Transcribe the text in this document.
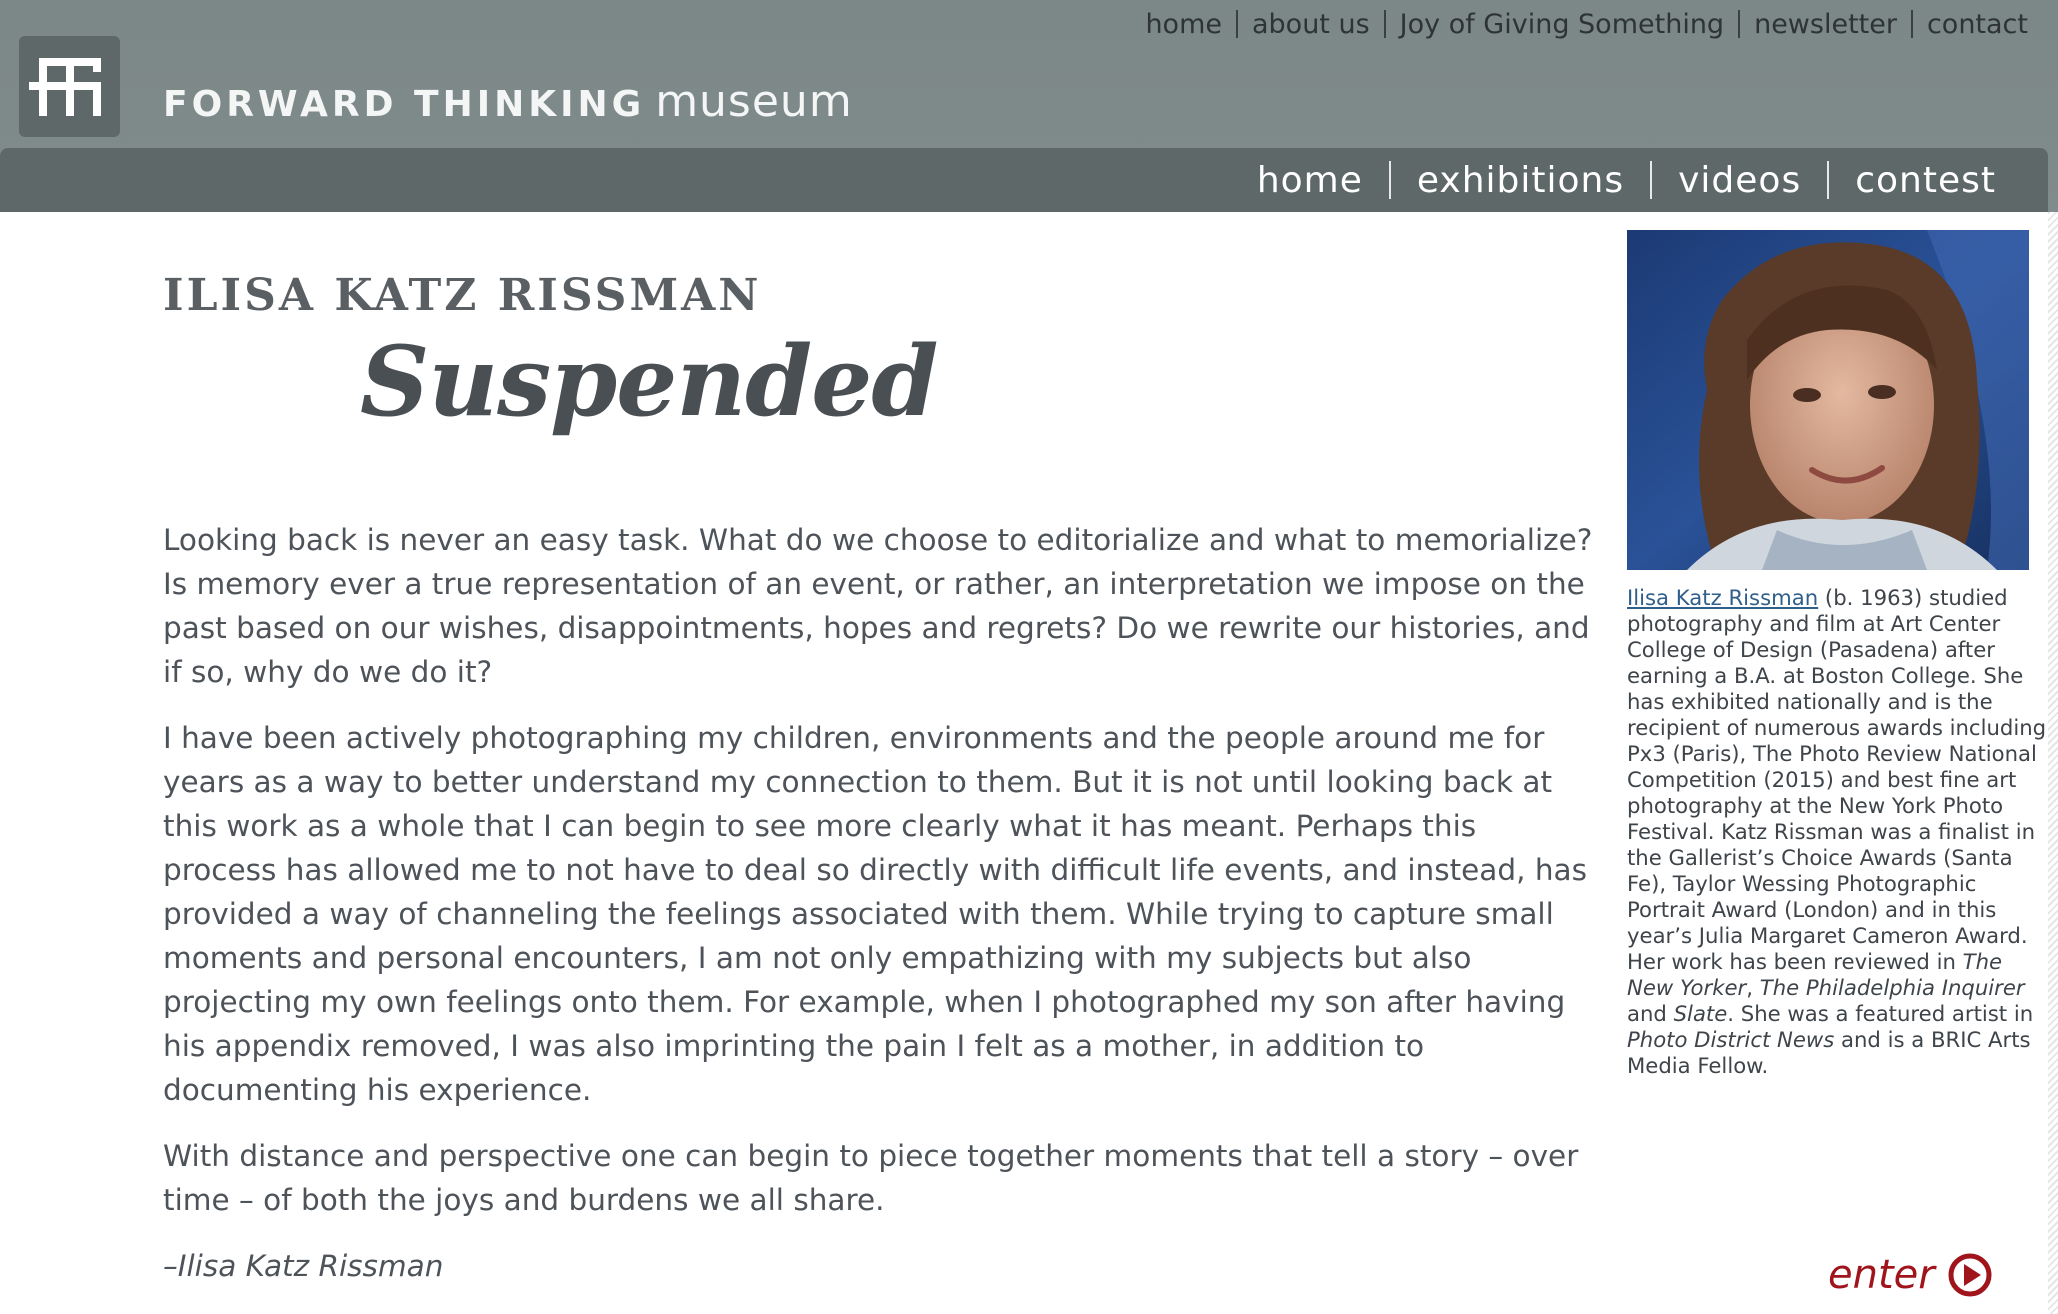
FORWARD THINKING museum
home about us Joy of Giving Something newsletter contact
home exhibitions videos contest
ILISA KATZ RISSMAN
Suspended

Looking back is never an easy task. What do we choose to editorialize and what to memorialize? Is memory ever a true representation of an event, or rather, an interpretation we impose on the past based on our wishes, disappointments, hopes and regrets? Do we rewrite our histories, and if so, why do we do it?

I have been actively photographing my children, environments and the people around me for years as a way to better understand my connection to them. But it is not until looking back at this work as a whole that I can begin to see more clearly what it has meant. Perhaps this process has allowed me to not have to deal so directly with difficult life events, and instead, has provided a way of channeling the feelings associated with them. While trying to capture small moments and personal encounters, I am not only empathizing with my subjects but also projecting my own feelings onto them. For example, when I photographed my son after having his appendix removed, I was also imprinting the pain I felt as a mother, in addition to documenting his experience.

With distance and perspective one can begin to piece together moments that tell a story – over time – of both the joys and burdens we all share.

–Ilisa Katz Rissman

Ilisa Katz Rissman (b. 1963) studied photography and film at Art Center College of Design (Pasadena) after earning a B.A. at Boston College. She has exhibited nationally and is the recipient of numerous awards including Px3 (Paris), The Photo Review National Competition (2015) and best fine art photography at the New York Photo Festival. Katz Rissman was a finalist in the Gallerist’s Choice Awards (Santa Fe), Taylor Wessing Photographic Portrait Award (London) and in this year’s Julia Margaret Cameron Award. Her work has been reviewed in The New Yorker, The Philadelphia Inquirer and Slate. She was a featured artist in Photo District News and is a BRIC Arts Media Fellow.
enter
